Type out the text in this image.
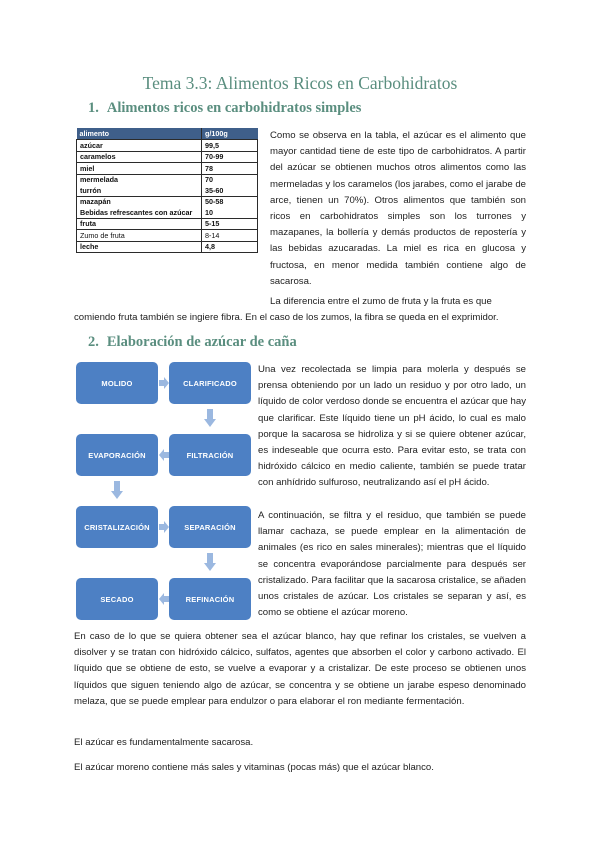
Tema 3.3: Alimentos Ricos en Carbohidratos
1. Alimentos ricos en carbohidratos simples
alimento	g/100g
azúcar	99,5
caramelos	70-99
miel	78
mermelada	70
turrón	35-60
mazapán	50-58
Bebidas refrescantes con azúcar	10
fruta	5-15
Zumo de fruta	8-14
leche	4,8
Como se observa en la tabla, el azúcar es el alimento que mayor cantidad tiene de este tipo de carbohidratos. A partir del azúcar se obtienen muchos otros alimentos como las mermeladas y los caramelos (los jarabes, como el jarabe de arce, tienen un 70%). Otros alimentos que también son ricos en carbohidratos simples son los turrones y mazapanes, la bollería y demás productos de repostería y las bebidas azucaradas. La miel es rica en glucosa y fructosa, en menor medida también contiene algo de sacarosa.
La diferencia entre el zumo de fruta y la fruta es que
comiendo fruta también se ingiere fibra. En el caso de los zumos, la fibra se queda en el exprimidor.
2. Elaboración de azúcar de caña
MOLIDO	CLARIFICADO
FILTRACIÓN
EVAPORACIÓN
CRISTALIZACIÓN	SEPARACIÓN
REFINACIÓN
SECADO
Una vez recolectada se limpia para molerla y después se prensa obteniendo por un lado un residuo y por otro lado, un líquido de color verdoso donde se encuentra el azúcar que hay que clarificar. Este líquido tiene un pH ácido, lo cual es malo porque la sacarosa se hidroliza y si se quiere obtener azúcar, es indeseable que ocurra esto. Para evitar esto, se trata con hidróxido cálcico en medio caliente, también se puede tratar con anhídrido sulfuroso, neutralizando así el pH ácido.
A continuación, se filtra y el residuo, que también se puede llamar cachaza, se puede emplear en la alimentación de animales (es rico en sales minerales); mientras que el líquido se concentra evaporándose parcialmente para después ser cristalizado. Para facilitar que la sacarosa cristalice, se añaden unos cristales de azúcar. Los cristales se separan y así, es como se obtiene el azúcar moreno.
En caso de lo que se quiera obtener sea el azúcar blanco, hay que refinar los cristales, se vuelven a disolver y se tratan con hidróxido cálcico, sulfatos, agentes que absorben el color y carbono activado. El líquido que se obtiene de esto, se vuelve a evaporar y a cristalizar. De este proceso se obtienen unos líquidos que siguen teniendo algo de azúcar, se concentra y se obtiene un jarabe espeso denominado melaza, que se puede emplear para endulzor o para elaborar el ron mediante fermentación.
El azúcar es fundamentalmente sacarosa.
El azúcar moreno contiene más sales y vitaminas (pocas más) que el azúcar blanco.
